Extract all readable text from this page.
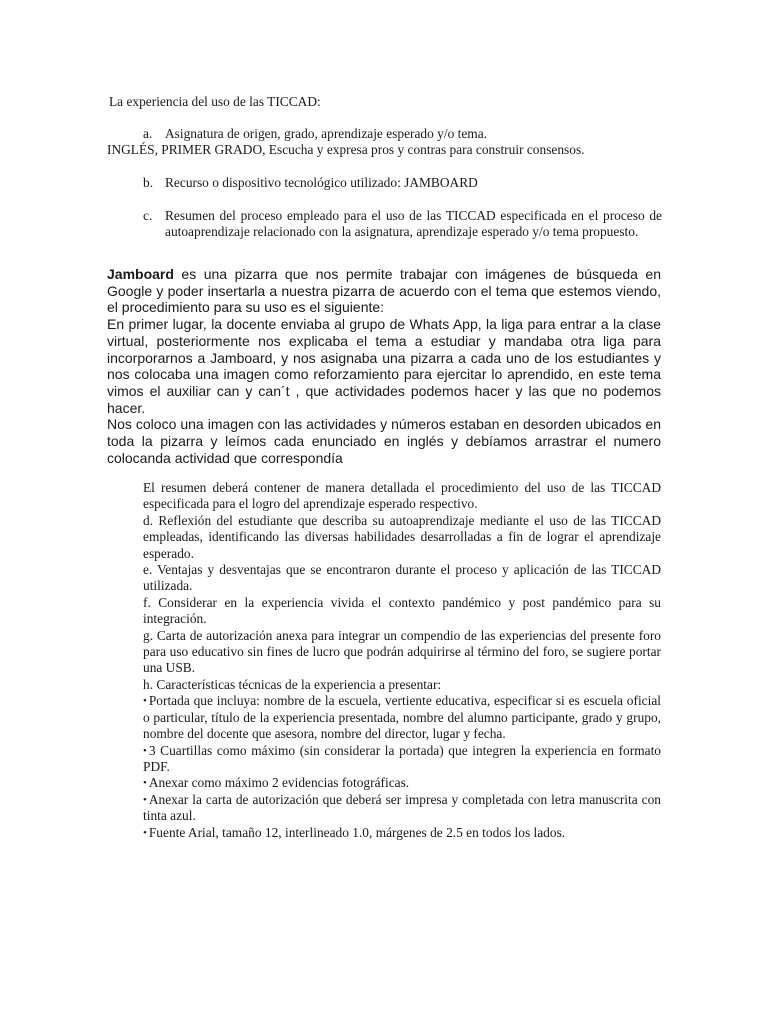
La experiencia del uso de las TICCAD:
a. Asignatura de origen, grado, aprendizaje esperado y/o tema.
INGLÉS, PRIMER GRADO, Escucha y expresa pros y contras para construir consensos.
b. Recurso o dispositivo tecnológico utilizado: JAMBOARD
c. Resumen del proceso empleado para el uso de las TICCAD especificada en el proceso de autoaprendizaje relacionado con la asignatura, aprendizaje esperado y/o tema propuesto.

Jamboard es una pizarra que nos permite trabajar con imágenes de búsqueda en Google y poder insertarla a nuestra pizarra de acuerdo con el tema que estemos viendo, el procedimiento para su uso es el siguiente:

En primer lugar, la docente enviaba al grupo de Whats App, la liga para entrar a la clase virtual, posteriormente nos explicaba el tema a estudiar y mandaba otra liga para incorporarnos a Jamboard, y nos asignaba una pizarra a cada uno de los estudiantes y nos colocaba una imagen como reforzamiento para ejercitar lo aprendido, en este tema vimos el auxiliar can y can´t , que actividades podemos hacer y las que no podemos hacer.

Nos coloco una imagen con las actividades y números estaban en desorden ubicados en toda la pizarra y leímos cada enunciado en inglés y debíamos arrastrar el numero colocanda actividad que correspondía

El resumen deberá contener de manera detallada el procedimiento del uso de las TICCAD especificada para el logro del aprendizaje esperado respectivo.

d. Reflexión del estudiante que describa su autoaprendizaje mediante el uso de las TICCAD empleadas, identificando las diversas habilidades desarrolladas a fin de lograr el aprendizaje esperado.

e. Ventajas y desventajas que se encontraron durante el proceso y aplicación de las TICCAD utilizada.

f. Considerar en la experiencia vivida el contexto pandémico y post pandémico para su integración.

g. Carta de autorización anexa para integrar un compendio de las experiencias del presente foro para uso educativo sin fines de lucro que podrán adquirirse al término del foro, se sugiere portar una USB.

h. Características técnicas de la experiencia a presentar:

• Portada que incluya: nombre de la escuela, vertiente educativa, especificar si es escuela oficial o particular, título de la experiencia presentada, nombre del alumno participante, grado y grupo, nombre del docente que asesora, nombre del director, lugar y fecha.

• 3 Cuartillas como máximo (sin considerar la portada) que integren la experiencia en formato PDF.

• Anexar como máximo 2 evidencias fotográficas.

• Anexar la carta de autorización que deberá ser impresa y completada con letra manuscrita con tinta azul.

• Fuente Arial, tamaño 12, interlineado 1.0, márgenes de 2.5 en todos los lados.
